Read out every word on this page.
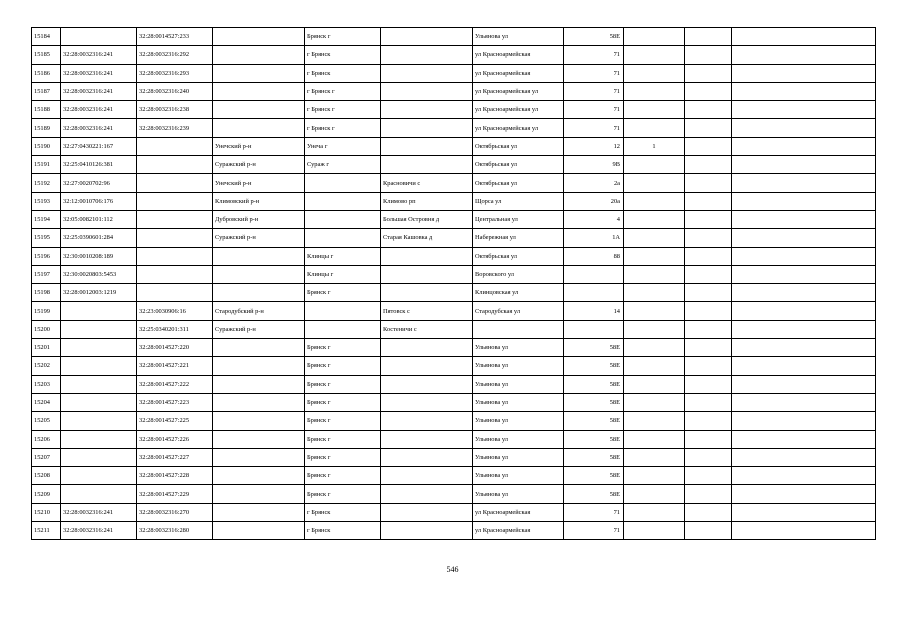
15184		32:28:0014527:233		Брянск г		Ульянова ул	58Е			
15185	32:28:0032316:241	32:28:0032316:292		г Брянск		ул Красноармейская	71			
15186	32:28:0032316:241	32:28:0032316:293		г Брянск		ул Красноармейская	71			
15187	32:28:0032316:241	32:28:0032316:240		г Брянск г		ул Красноармейская ул	71			
15188	32:28:0032316:241	32:28:0032316:238		г Брянск г		ул Красноармейская ул	71			
15189	32:28:0032316:241	32:28:0032316:239		г Брянск г		ул Красноармейская ул	71			
15190	32:27:0430221:167		Унечский р-н	Унеча г		Октябрьская ул	12	1		
15191	32:25:0410126:381		Суражский р-н	Сураж г		Октябрьская ул	9В			
15192	32:27:0020702:96		Унечский р-н		Красновичи с	Октябрьская ул	2а			
15193	32:12:0010706:176		Климовский р-н		Климово рп	Щорса ул	20а			
15194	32:05:0082101:112		Дубровский р-н		Большая Островня д	Центральная ул	4			
15195	32:25:0390601:284		Суражский р-н		Старая Кашовка д	Набережная ул	1А			
15196	32:30:0010208:189			Клинцы г		Октябрьская ул	88			
15197	32:30:0020803:5453			Клинцы г		Воровского ул				
15198	32:28:0012003:1219			Брянск г		Клинцовская ул				
15199		32:23:0030906:16	Стародубский р-н		Пятовск с	Стародубская ул	14			
15200		32:25:0340201:311	Суражский р-н		Костеничи с					
15201		32:28:0014527:220		Брянск г		Ульянова ул	58Е			
15202		32:28:0014527:221		Брянск г		Ульянова ул	58Е			
15203		32:28:0014527:222		Брянск г		Ульянова ул	58Е			
15204		32:28:0014527:223		Брянск г		Ульянова ул	58Е			
15205		32:28:0014527:225		Брянск г		Ульянова ул	58Е			
15206		32:28:0014527:226		Брянск г		Ульянова ул	58Е			
15207		32:28:0014527:227		Брянск г		Ульянова ул	58Е			
15208		32:28:0014527:228		Брянск г		Ульянова ул	58Е			
15209		32:28:0014527:229		Брянск г		Ульянова ул	58Е			
15210	32:28:0032316:241	32:28:0032316:270		г Брянск		ул Красноармейская	71			
15211	32:28:0032316:241	32:28:0032316:280		г Брянск		ул Красноармейская	71			
546
